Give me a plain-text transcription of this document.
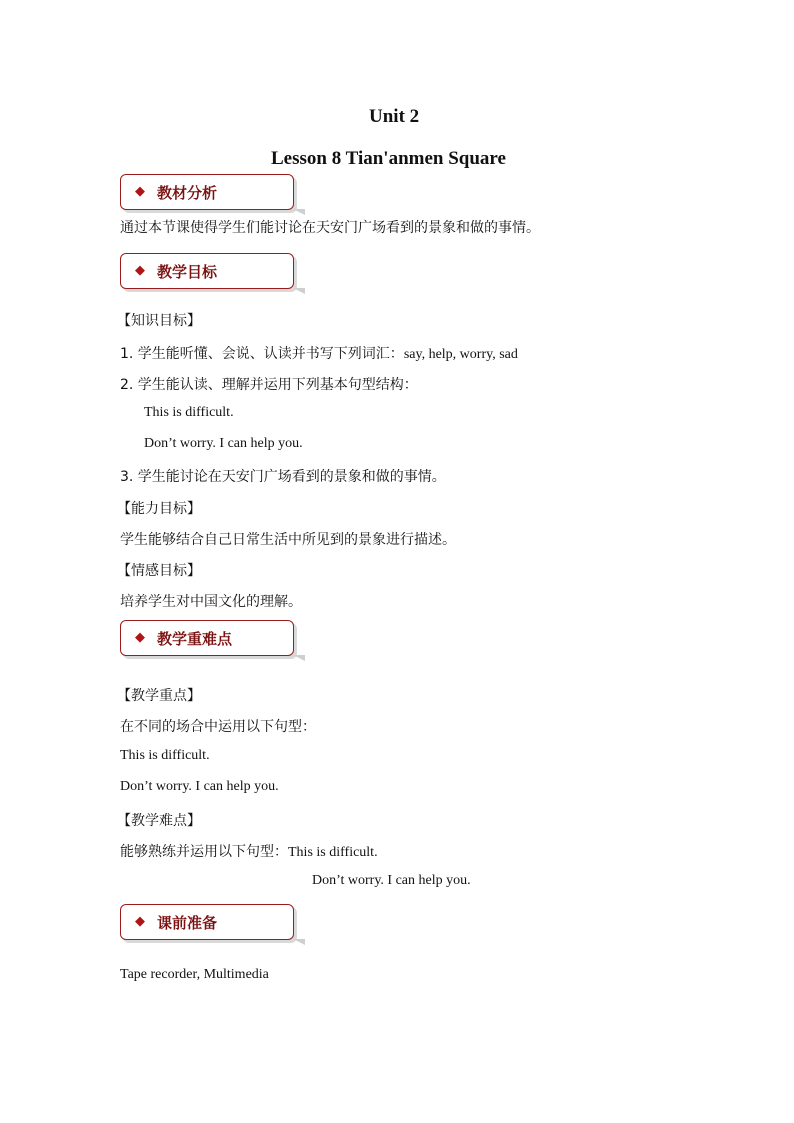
Unit 2
Lesson 8 Tian'anmen Square
◆ 教材分析
通过本节课使得学生们能讨论在天安门广场看到的景象和做的事情。
◆ 教学目标
【知识目标】
1. 学生能听懂、会说、认读并书写下列词汇：say, help, worry, sad
2. 学生能认读、理解并运用下列基本句型结构：
This is difficult.
Don’t worry. I can help you.
3. 学生能讨论在天安门广场看到的景象和做的事情。
【能力目标】
学生能够结合自己日常生活中所见到的景象进行描述。
【情感目标】
培养学生对中国文化的理解。
◆ 教学重难点
【教学重点】
在不同的场合中运用以下句型：
This is difficult.
Don’t worry. I can help you.
【教学难点】
能够熟练并运用以下句型：This is difficult.
Don’t worry. I can help you.
◆ 课前准备
Tape recorder, Multimedia
